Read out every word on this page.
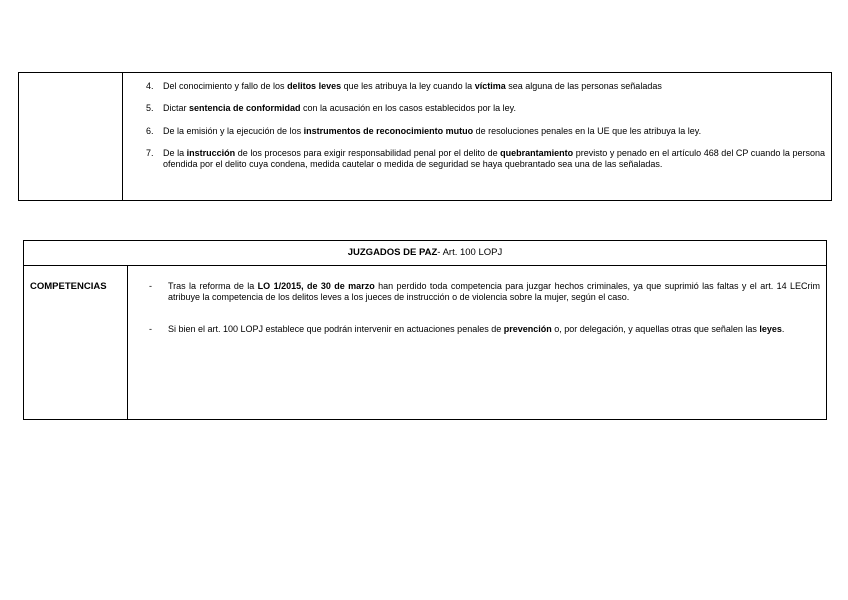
4. Del conocimiento y fallo de los delitos leves que les atribuya la ley cuando la víctima sea alguna de las personas señaladas
5. Dictar sentencia de conformidad con la acusación en los casos establecidos por la ley.
6. De la emisión y la ejecución de los instrumentos de reconocimiento mutuo de resoluciones penales en la UE que les atribuya la ley.
7. De la instrucción de los procesos para exigir responsabilidad penal por el delito de quebrantamiento previsto y penado en el artículo 468 del CP cuando la persona ofendida por el delito cuya condena, medida cautelar o medida de seguridad se haya quebrantado sea una de las señaladas.
JUZGADOS DE PAZ- Art. 100 LOPJ
COMPETENCIAS	- Tras la reforma de la LO 1/2015, de 30 de marzo han perdido toda competencia para juzgar hechos criminales, ya que suprimió las faltas y el art. 14 LECrim atribuye la competencia de los delitos leves a los jueces de instrucción o de violencia sobre la mujer, según el caso.
- Si bien el art. 100 LOPJ establece que podrán intervenir en actuaciones penales de prevención o, por delegación, y aquellas otras que señalen las leyes.
